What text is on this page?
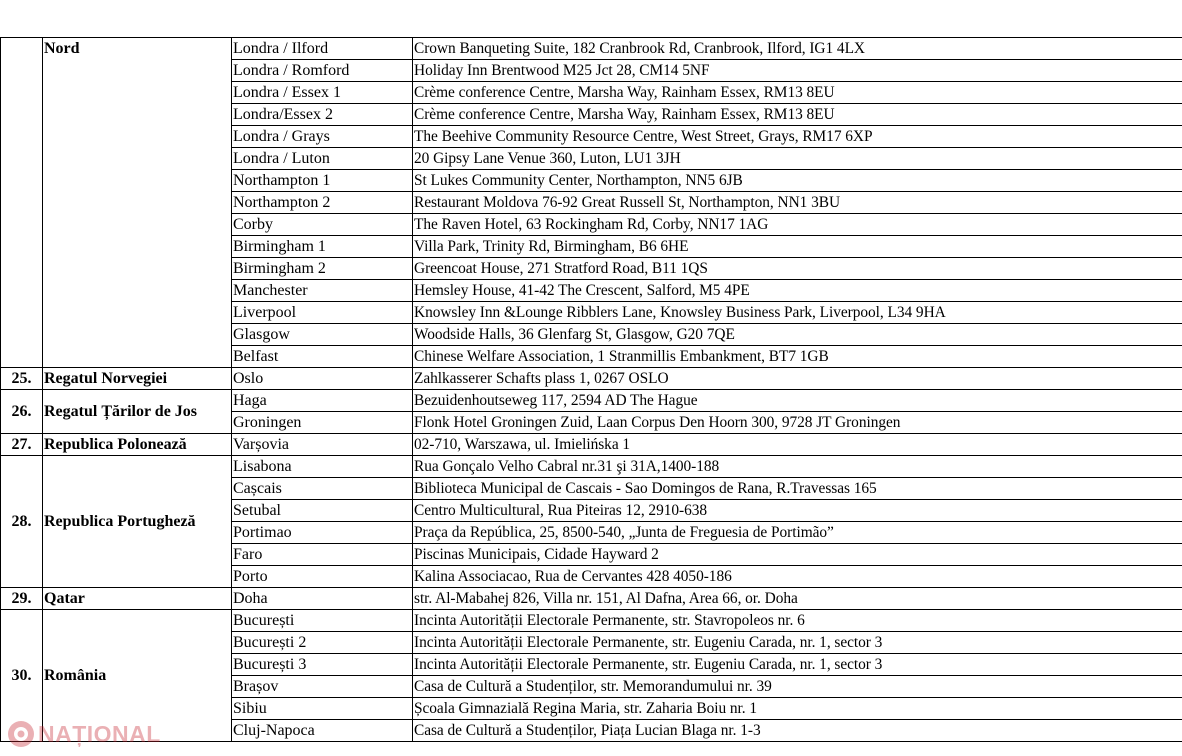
	Nord	Londra / Ilford	Crown Banqueting Suite, 182 Cranbrook Rd, Cranbrook, Ilford, IG1 4LX
		Londra / Romford	Holiday Inn Brentwood M25 Jct 28, CM14 5NF
		Londra / Essex 1	Crème conference Centre, Marsha Way, Rainham Essex, RM13 8EU
		Londra/Essex 2	Crème conference Centre, Marsha Way, Rainham Essex, RM13 8EU
		Londra / Grays	The Beehive Community Resource Centre, West Street, Grays, RM17 6XP
		Londra / Luton	20 Gipsy Lane Venue 360, Luton, LU1 3JH
		Northampton 1	St Lukes Community Center, Northampton, NN5 6JB
		Northampton 2	Restaurant Moldova 76-92 Great Russell St, Northampton, NN1 3BU
		Corby	The Raven Hotel, 63 Rockingham Rd, Corby, NN17 1AG
		Birmingham 1	Villa Park, Trinity Rd, Birmingham, B6 6HE
		Birmingham 2	Greencoat House, 271 Stratford Road, B11 1QS
		Manchester	Hemsley House, 41-42 The Crescent, Salford, M5 4PE
		Liverpool	Knowsley Inn &Lounge Ribblers Lane, Knowsley Business Park, Liverpool, L34 9HA
		Glasgow	Woodside Halls, 36 Glenfarg St, Glasgow, G20 7QE
		Belfast	Chinese Welfare Association, 1 Stranmillis Embankment, BT7 1GB
25.	Regatul Norvegiei	Oslo	Zahlkasserer Schafts plass 1, 0267 OSLO
26.	Regatul Țărilor de Jos	Haga	Bezuidenhoutseweg 117, 2594 AD The Hague
		Groningen	Flonk Hotel Groningen Zuid, Laan Corpus Den Hoorn 300, 9728 JT Groningen
27.	Republica Polonează	Varșovia	02-710, Warszawa, ul. Imielińska 1
28.	Republica Portugheză	Lisabona	Rua Gonçalo Velho Cabral nr.31 şi 31A,1400-188
		Cașcais	Biblioteca Municipal de Cascais - Sao Domingos de Rana, R.Travessas 165
		Setubal	Centro Multicultural, Rua Piteiras 12, 2910-638
		Portimao	Praça da República, 25, 8500-540, „Junta de Freguesia de Portimão”
		Faro	Piscinas Municipais, Cidade Hayward 2
		Porto	Kalina Associacao, Rua de Cervantes 428 4050-186
29.	Qatar	Doha	str. Al-Mabahej 826, Villa nr. 151, Al Dafna, Area 66, or. Doha
30.	România	București	Incinta Autorității Electorale Permanente, str. Stavropoleos nr. 6
		București 2	Incinta Autorității Electorale Permanente, str. Eugeniu Carada, nr. 1, sector 3
		București 3	Incinta Autorității Electorale Permanente, str. Eugeniu Carada, nr. 1, sector 3
		Brașov	Casa de Cultură a Studenților, str. Memorandumului nr. 39
		Sibiu	Școala Gimnazială Regina Maria, str. Zaharia Boiu nr. 1
		Cluj-Napoca	Casa de Cultură a Studenților, Piața Lucian Blaga nr. 1-3
NAȚIONAL
